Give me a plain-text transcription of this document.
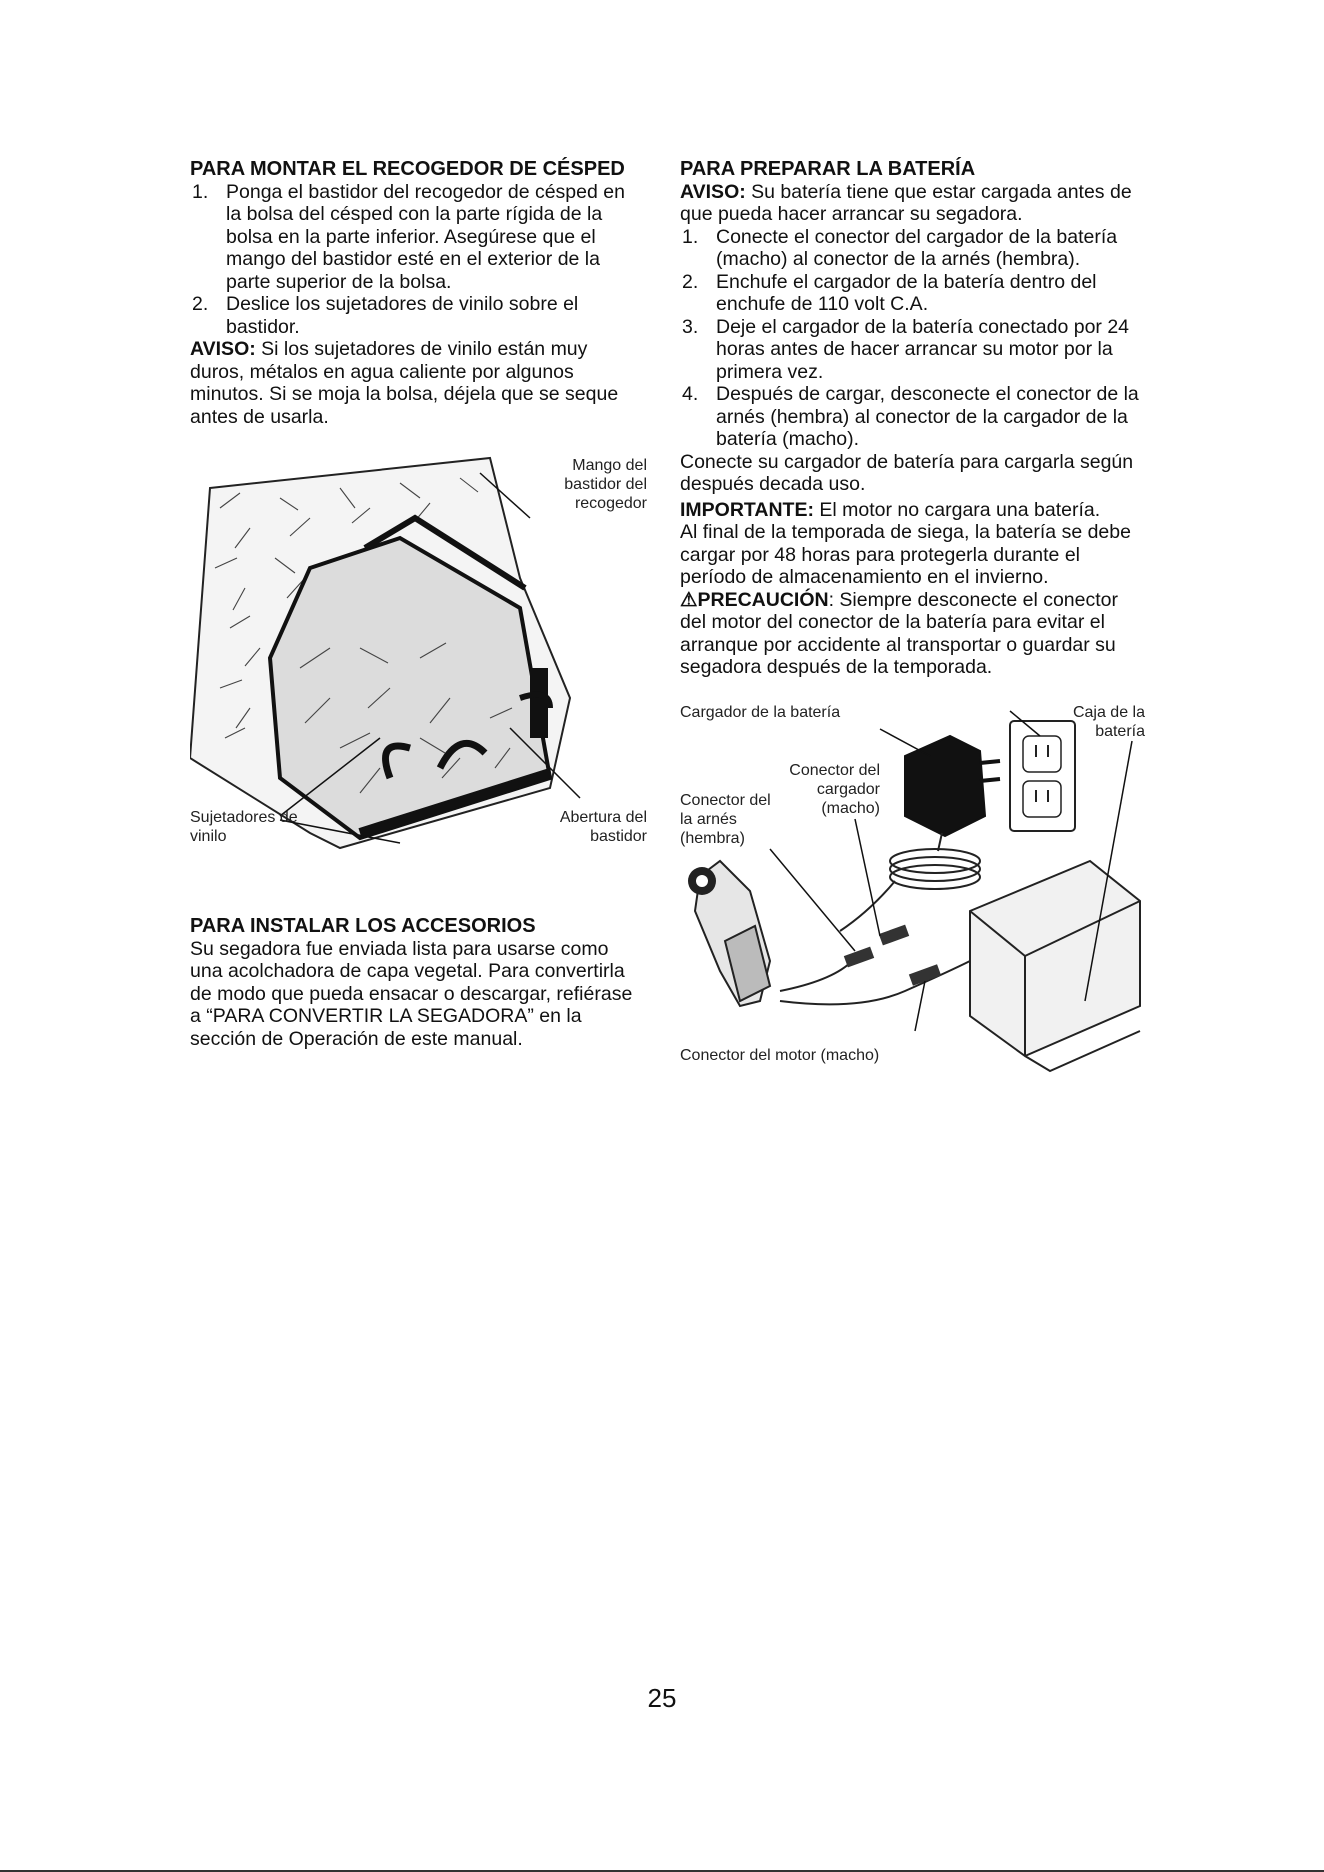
PARA MONTAR EL RECOGEDOR DE CÉSPED
1. Ponga el bastidor del recogedor de césped en la bolsa del césped con la parte rígida de la bolsa en la parte inferior. Asegúrese que el mango del bastidor esté en el exterior de la parte superior de la bolsa.
2. Deslice los sujetadores de vinilo sobre el bastidor.

AVISO: Si los sujetadores de vinilo están muy duros, métalos en agua caliente por algunos minutos. Si se moja la bolsa, déjela que se seque antes de usarla.

Mango del bastidor del recogedor
Sujetadores de vinilo
Abertura del bastidor
PARA INSTALAR LOS ACCESORIOS

Su segadora fue enviada lista para usarse como una acolchadora de capa vegetal. Para convertirla de modo que pueda ensacar o descargar, refiérase a “PARA CONVERTIR LA SEGADORA” en la sección de Operación de este manual.

PARA PREPARAR LA BATERÍA

AVISO: Su batería tiene que estar cargada antes de que pueda hacer arrancar su segadora.

1. Conecte el conector del cargador de la batería (macho) al conector de la arnés (hembra).
2. Enchufe el cargador de la batería dentro del enchufe de 110 volt C.A.
3. Deje el cargador de la batería conectado por 24 horas antes de hacer arrancar su motor por la primera vez.
4. Después de cargar, desconecte el conector de la arnés (hembra) al conector de la cargador de la batería (macho).

Conecte su cargador de batería para cargarla según después decada uso.

IMPORTANTE: El motor no cargara una batería.

Al final de la temporada de siega, la batería se debe cargar por 48 horas para protegerla durante el período de almacenamiento en el invierno.

⚠PRECAUCIÓN: Siempre desconecte el conector del motor del conector de la batería para evitar el arranque por accidente al transportar o guardar su segadora después de la temporada.

Cargador de la batería	Caja de la batería
Conector del cargador (macho)
Conector del la arnés (hembra)
Conector del motor (macho)
25
